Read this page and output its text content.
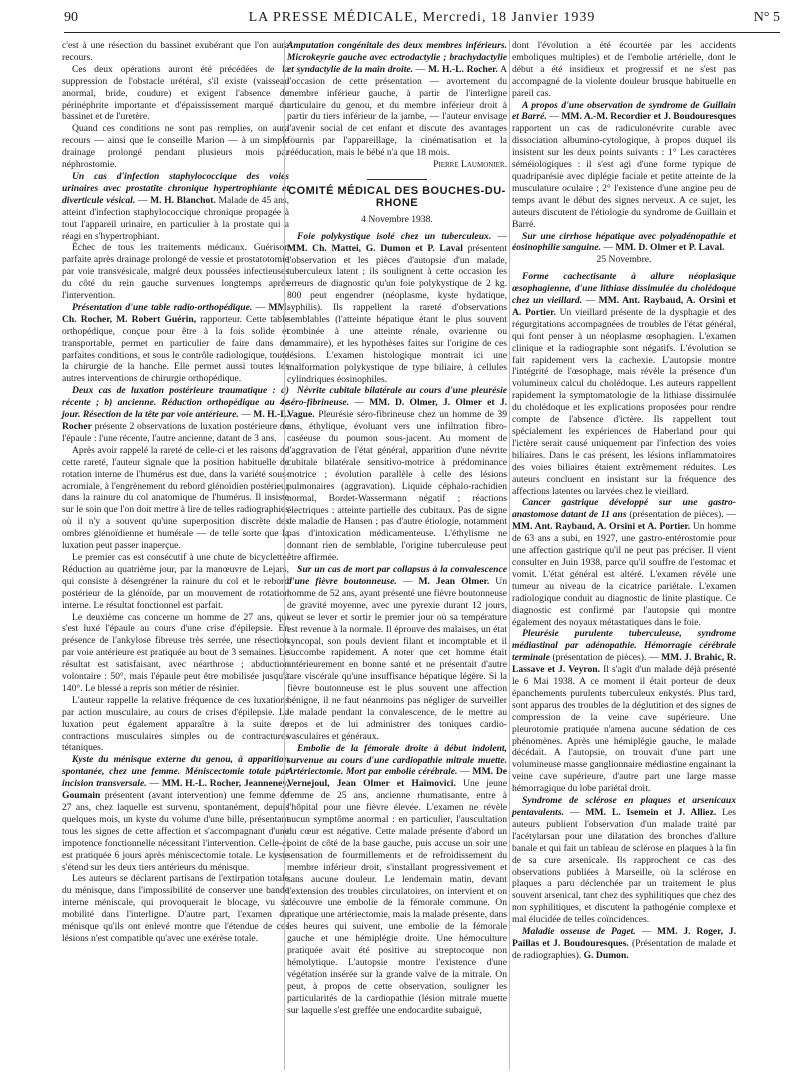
90	LA PRESSE MÉDICALE, Mercredi, 18 Janvier 1939	N° 5

c'est à une résection du bassinet exubérant que l'on aura recours.

Ces deux opérations auront été précédées de la suppression de l'obstacle urétéral, s'il existe (vaisseau anormal, bride, coudure) et exigent l'absence de périnéphrite importante et d'épaississement marqué du bassinet et de l'uretère.

Quand ces conditions ne sont pas remplies, on aura recours — ainsi que le conseille Marion — à un simple drainage prolongé pendant plusieurs mois par néphrostomie.

Un cas d'infection staphylococcique des voies urinaires avec prostatite chronique hypertrophiante et diverticule vésical. — M. H. Blanchot. Malade de 45 ans, atteint d'infection staphylococcique chronique propagée à tout l'appareil urinaire, en particulier à la prostate qui a réagi en s'hypertrophiant.

Échec de tous les traitements médicaux. Guérison parfaite après drainage prolongé de vessie et prostatotomie par voie transvésicale, malgré deux poussées infectieuses du côté du rein gauche survenues longtemps après l'intervention.

Présentation d'une table radio-orthopédique. — MM. Ch. Rocher, M. Robert Guérin, rapporteur. Cette table orthopédique, conçue pour être à la fois solide et transportable, permet en particulier de faire dans de parfaites conditions, et sous le contrôle radiologique, toute la chirurgie de la hanche. Elle permet aussi toutes les autres interventions de chirurgie orthopédique.

Deux cas de luxation postérieure traumatique : a) récente ; b) ancienne. Réduction orthopédique au 4e jour. Résection de la tête par voie antérieure. — M. H.-L. Rocher présente 2 observations de luxation postérieure de l'épaule : l'une récente, l'autre ancienne, datant de 3 ans.

Après avoir rappelé la rareté de celle-ci et les raisons de cette rareté, l'auteur signale que la position habituelle de rotation interne de l'humérus est due, dans la variété sous-acromiale, à l'engrènement du rebord glénoïdien postérieur dans la rainure du col anatomique de l'humérus. Il insiste sur le soin que l'on doit mettre à lire de telles radiographies où il n'y a souvent qu'une superposition discrète des ombres glénoïdienne et humérale — de telle sorte que la luxation peut passer inaperçue.

Le premier cas est consécutif à une chute de bicyclette. Réduction au quatrième jour, par la manœuvre de Lejars, qui consiste à désengréner la rainure du col et le rebord postérieur de la glénoïde, par un mouvement de rotation interne. Le résultat fonctionnel est parfait.

Le deuxième cas concerne un homme de 27 ans, qui s'est luxé l'épaule au cours d'une crise d'épilepsie. En présence de l'ankylose fibreuse très serrée, une résection par voie antérieure est pratiquée au bout de 3 semaines. Le résultat est satisfaisant, avec néarthrose ; abduction volontaire : 50°, mais l'épaule peut être mobilisée jusqu'à 140°. Le blessé a repris son métier de résinier.

L'auteur rappelle la relative fréquence de ces luxations par action musculaire, au cours de crises d'épilepsie. La luxation peut également apparaître à la suite de contractions musculaires simples ou de contractures tétaniques.

Kyste du ménisque externe du genou, à apparition spontanée, chez une femme. Méniscectomie totale par incision transversale. — MM. H.-L. Rocher, Jeanneney, Goumain présentent (avant intervention) une femme de 27 ans, chez laquelle est survenu, spontanément, depuis quelques mois, un kyste du volume d'une bille, présentant tous les signes de cette affection et s'accompagnant d'une impotence fonctionnelle nécessitant l'intervention. Celle-ci est pratiquée 6 jours après méniscectomie totale. Le kyste s'étend sur les deux tiers antérieurs du ménisque.

Les auteurs se déclarent partisans de l'extirpation totale du ménisque, dans l'impossibilité de conserver une bande interne méniscale, qui provoquerait le blocage, vu sa mobilité dans l'interligne. D'autre part, l'examen du ménisque qu'ils ont enlevé montre que l'étendue de ces lésions n'est compatible qu'avec une exérèse totale.

Amputation congénitale des deux membres inférieurs. Microkeyrie gauche avec ectrodactylie ; brachydactylie et syndactylie de la main droite. — M. H.-L. Rocher. A l'occasion de cette présentation — avortement du membre inférieur gauche, à partir de l'interligne articulaire du genou, et du membre inférieur droit à partir du tiers inférieur de la jambe, — l'auteur envisage l'avenir social de cet enfant et discute des avantages fournis par l'appareillage, la cinématisation et la rééducation, mais le bébé n'a que 18 mois.

Pierre Laumonier.

COMITÉ MÉDICAL DES BOUCHES-DU-RHONE
4 Novembre 1938.

Foie polykystique isolé chez un tuberculeux. — MM. Ch. Mattei, G. Dumon et P. Laval présentent l'observation et les pièces d'autopsie d'un malade, tuberculeux latent ; ils soulignent à cette occasion les erreurs de diagnostic qu'un foie polykystique de 2 kg. 800 peut engendrer (néoplasme, kyste hydatique, syphilis). Ils rappellent la rareté d'observations semblables (l'atteinte hépatique étant le plus souvent combinée à une atteinte rénale, ovarienne ou mammaire), et les hypothèses faites sur l'origine de ces lésions. L'examen histologique montrait ici une malformation polykystique de type biliaire, à cellules cylindriques éosinophiles.

Névrite cubitale bilatérale au cours d'une pleurésie séro-fibrineuse. — MM. D. Olmer, J. Olmer et J. Vague. Pleurésie séro-fibrineuse chez un homme de 39 ans, éthylique, évoluant vers une infiltration fibro-caséeuse du poumon sous-jacent. Au moment de l'aggravation de l'état général, apparition d'une névrite cubitale bilatérale sensitivo-motrice à prédominance motrice ; évolution parallèle à celle des lésions pulmonaires (aggravation). Liquide céphalo-rachidien normal, Bordet-Wassermann négatif ; réactions électriques : atteinte partielle des cubitaux. Pas de signe de maladie de Hansen ; pas d'autre étiologie, notamment pas d'intoxication médicamenteuse. L'éthylisme ne donnant rien de semblable, l'origine tuberculeuse peut être affirmée.

Sur un cas de mort par collapsus à la convalescence d'une fièvre boutonneuse. — M. Jean Olmer. Un homme de 52 ans, ayant présenté une fièvre boutonneuse de gravité moyenne, avec une pyrexie durant 12 jours, veut se lever et sortir le premier jour où sa température est revenue à la normale. Il éprouve des malaises, un état syncopal, son pouls devient filant et incomptable et il succombe rapidement. A noter que cet homme était antérieurement en bonne santé et ne présentait d'autre tare viscérale qu'une insuffisance hépatique légère. Si la fièvre boutonneuse est le plus souvent une affection bénigne, il ne faut néanmoins pas négliger de surveiller le malade pendant la convalescence, de le mettre au repos et de lui administrer des toniques cardio-vasculaires et généraux.

Embolie de la fémorale droite à début indolent, survenue au cours d'une cardiopathie mitrale muette. Artériectomie. Mort par embolie cérébrale. — MM. De Vernejoul, Jean Olmer et Haïmovici. Une jeune femme de 25 ans, ancienne rhumatisante, entre à l'hôpital pour une fièvre élevée. L'examen ne révèle aucun symptôme anormal : en particulier, l'auscultation du cœur est négative. Cette malade présente d'abord un point de côté de la base gauche, puis accuse un soir une sensation de fourmillements et de refroidissement du membre inférieur droit, s'installant progressivement et sans aucune douleur. Le lendemain matin, devant l'extension des troubles circulatoires, on intervient et on découvre une embolie de la fémorale commune. On pratique une artériectomie, mais la malade présente, dans les heures qui suivent, une embolie de la fémorale gauche et une hémiplégie droite. Une hémoculture pratiquée avait été positive au streptocoque non hémolytique. L'autopsie montre l'existence d'une végétation insérée sur la grande valve de la mitrale. On peut, à propos de cette observation, souligner les particularités de la cardiopathie (lésion mitrale muette sur laquelle s'est greffée une endocardite subaiguë,

dont l'évolution a été écourtée par les accidents emboliques multiples) et de l'embolie artérielle, dont le début a été insidieux et progressif et ne s'est pas accompagné de la violente douleur brusque habituelle en pareil cas.

A propos d'une observation de syndrome de Guillain et Barré. — MM. A.-M. Recordier et J. Boudouresques rapportent un cas de radiculonévrite curable avec dissociation albumino-cytologique, à propos duquel ils insistent sur les deux points suivants : 1° Les caractères séméiologiques : il s'est agi d'une forme typique de quadriparésie avec diplégie faciale et petite atteinte de la musculature oculaire ; 2° l'existence d'une angine peu de temps avant le début des signes nerveux. A ce sujet, les auteurs discutent de l'étiologie du syndrome de Guillain et Barré.

Sur une cirrhose hépatique avec polyadénopathie et éosinophilie sanguine. — MM. D. Olmer et P. Laval.

25 Novembre.

Forme cachectisante à allure néoplasique œsophagienne, d'une lithiase dissimulée du cholédoque chez un vieillard. — MM. Ant. Raybaud, A. Orsini et A. Portier. Un vieillard présente de la dysphagie et des régurgitations accompagnées de troubles de l'état général, qui font penser à un néoplasme œsophagien. L'examen clinique et la radiographie sont négatifs. L'évolution se fait rapidement vers la cachexie. L'autopsie montre l'intégrité de l'œsophage, mais révèle la présence d'un volumineux calcul du cholédoque. Les auteurs rappellent rapidement la symptomatologie de la lithiase dissimulée du cholédoque et les explications proposées pour rendre compte de l'absence d'ictère. Ils rappellent tout spécialement les expériences de Haberland pour qui l'ictère serait causé uniquement par l'infection des voies biliaires. Dans le cas présent, les lésions inflammatoires des voies biliaires étaient extrêmement réduites. Les auteurs concluent en insistant sur la fréquence des affections latentes ou larvées chez le vieillard.

Cancer gastrique développé sur une gastro-anastomose datant de 11 ans (présentation de pièces). — MM. Ant. Raybaud, A. Orsini et A. Portier. Un homme de 63 ans a subi, en 1927, une gastro-entérostomie pour une affection gastrique qu'il ne peut pas préciser. Il vient consulter en Juin 1938, parce qu'il souffre de l'estomac et vomit. L'état général est altéré. L'examen révèle une tumeur au niveau de la cicatrice pariétale. L'examen radiologique conduit au diagnostic de linite plastique. Ce diagnostic est confirmé par l'autopsie qui montre également des noyaux métastatiques dans le foie.

Pleurésie purulente tuberculeuse, syndrome médiastinal par adénopathie. Hémorragie cérébrale terminale (présentation de pièces). — MM. J. Brahic, R. Lassave et J. Veyron. Il s'agit d'un malade déjà présenté le 6 Mai 1938. A ce moment il était porteur de deux épanchements purulents tuberculeux enkystés. Plus tard, sont apparus des troubles de la déglutition et des signes de compression de la veine cave supérieure. Une pleurotomie pratiquée n'amena aucune sédation de ces phénomènes. Après une hémiplégie gauche, le malade décédait. A l'autopsie, on trouvait d'une part une volumineuse masse ganglionnaire médiastine engainant la veine cave supérieure, d'autre part une large masse hémorragique du lobe pariétal droit.

Syndrome de sclérose en plaques et arsenicaux pentavalents. — MM. L. Isemein et J. Alliez. Les auteurs publient l'observation d'un malade traité par l'acétylarsan pour une dilatation des bronches d'allure banale et qui fait un tableau de sclérose en plaques à la fin de sa cure arsenicale. Ils rapprochent ce cas des observations publiées à Marseille, où la sclérose en plaques a paru déclenchée par un traitement le plus souvent arsenical, tant chez des syphilitiques que chez des non syphilitiques, et discutent la pathogénie complexe et mal élucidée de telles coïncidences.

Maladie osseuse de Paget. — MM. J. Roger, J. Paillas et J. Boudouresques. (Présentation de malade et de radiographies). G. Dumon.
